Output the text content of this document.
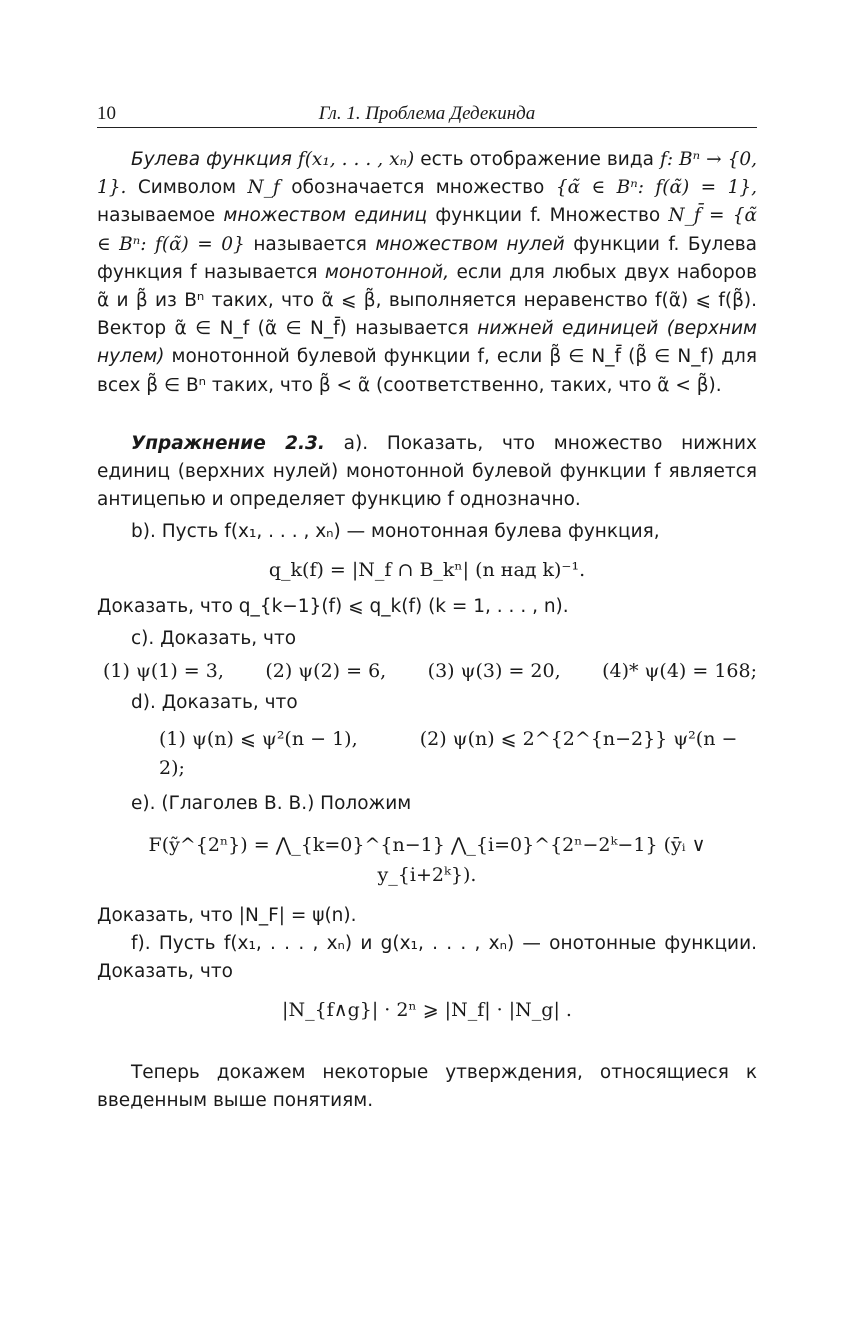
10	Гл. 1. Проблема Дедекинда

Булева функция f(x₁, . . . , xₙ) есть отображение вида f: Bⁿ → {0, 1}. Символом N_f обозначается множество {α̃ ∈ Bⁿ: f(α̃) = 1}, называемое множеством единиц функции f. Множество N_f̄ = {α̃ ∈ Bⁿ: f(α̃) = 0} называется множеством нулей функции f. Булева функция f называется монотонной, если для любых двух наборов α̃ и β̃ из Bⁿ таких, что α̃ ⩽ β̃, выполняется неравенство f(α̃) ⩽ f(β̃). Вектор α̃ ∈ N_f (α̃ ∈ N_f̄) называется нижней единицей (верхним нулем) монотонной булевой функции f, если β̃ ∈ N_f̄ (β̃ ∈ N_f) для всех β̃ ∈ Bⁿ таких, что β̃ < α̃ (соответственно, таких, что α̃ < β̃).

Упражнение 2.3. а). Показать, что множество нижних единиц (верхних нулей) монотонной булевой функции f является антицепью и определяет функцию f однозначно.

b). Пусть f(x₁, . . . , xₙ) — монотонная булева функция,

q_k(f) = |N_f ∩ B_kⁿ| (n над k)⁻¹.

Доказать, что q_{k−1}(f) ⩽ q_k(f) (k = 1, . . . , n).

c). Доказать, что

(1) ψ(1) = 3, (2) ψ(2) = 6, (3) ψ(3) = 20, (4)* ψ(4) = 168;

d). Доказать, что

(1) ψ(n) ⩽ ψ²(n − 1),	(2) ψ(n) ⩽ 2^{2^{n−2}} ψ²(n − 2);

e). (Глаголев В. В.) Положим

F(ỹ^{2ⁿ}) = ⋀_{k=0}^{n−1} ⋀_{i=0}^{2ⁿ−2ᵏ−1} (ȳᵢ ∨ y_{i+2ᵏ}).

Доказать, что |N_F| = ψ(n).

f). Пусть f(x₁, . . . , xₙ) и g(x₁, . . . , xₙ) — онотонные функции. Доказать, что

|N_{f∧g}| · 2ⁿ ⩾ |N_f| · |N_g| .

Теперь докажем некоторые утверждения, относящиеся к введенным выше понятиям.
